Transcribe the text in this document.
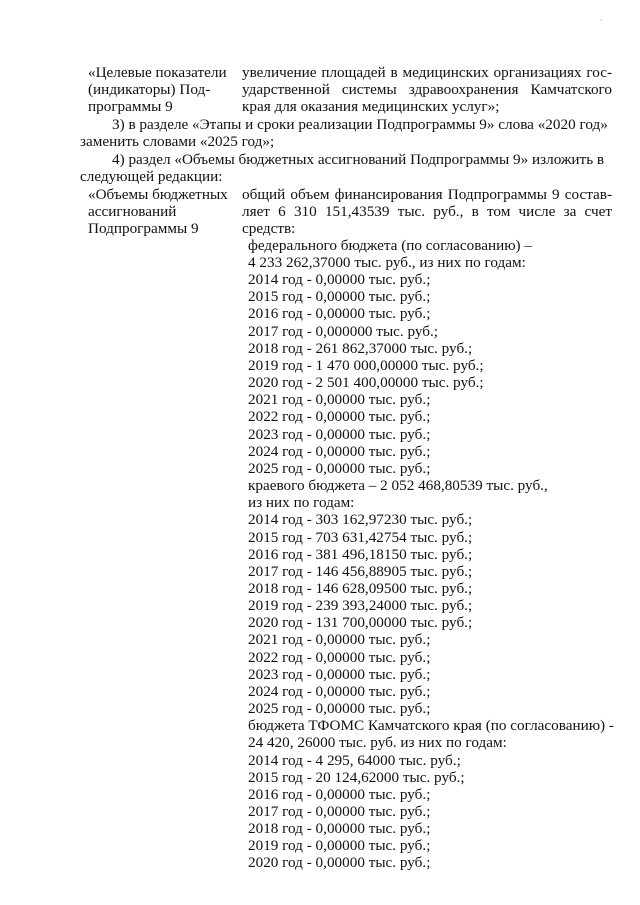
·
«Целевые показатели
(индикаторы) Под-
программы 9
увеличение площадей в медицинских организациях гос-
ударственной системы здравоохранения Камчатского
края для оказания медицинских услуг»;
3) в разделе «Этапы и сроки реализации Подпрограммы 9» слова «2020 год»
заменить словами «2025 год»;
4) раздел «Объемы бюджетных ассигнований Подпрограммы 9» изложить в
следующей редакции:
«Объемы бюджетных
ассигнований
Подпрограммы 9
общий объем финансирования Подпрограммы 9 состав-
ляет 6 310 151,43539 тыс. руб., в том числе за счет
средств:
федерального бюджета (по согласованию) –
4 233 262,37000 тыс. руб., из них по годам:
2014 год - 0,00000 тыс. руб.;
2015 год - 0,00000 тыс. руб.;
2016 год - 0,00000 тыс. руб.;
2017 год - 0,000000 тыс. руб.;
2018 год - 261 862,37000 тыс. руб.;
2019 год - 1 470 000,00000 тыс. руб.;
2020 год - 2 501 400,00000 тыс. руб.;
2021 год - 0,00000 тыс. руб.;
2022 год - 0,00000 тыс. руб.;
2023 год - 0,00000 тыс. руб.;
2024 год - 0,00000 тыс. руб.;
2025 год - 0,00000 тыс. руб.;
краевого бюджета – 2 052 468,80539 тыс. руб.,
из них по годам:
2014 год - 303 162,97230 тыс. руб.;
2015 год - 703 631,42754 тыс. руб.;
2016 год - 381 496,18150 тыс. руб.;
2017 год - 146 456,88905 тыс. руб.;
2018 год - 146 628,09500 тыс. руб.;
2019 год - 239 393,24000 тыс. руб.;
2020 год - 131 700,00000 тыс. руб.;
2021 год - 0,00000 тыс. руб.;
2022 год - 0,00000 тыс. руб.;
2023 год - 0,00000 тыс. руб.;
2024 год - 0,00000 тыс. руб.;
2025 год - 0,00000 тыс. руб.;
бюджета ТФОМС Камчатского края (по согласованию) -
24 420, 26000 тыс. руб. из них по годам:
2014 год - 4 295, 64000 тыс. руб.;
2015 год - 20 124,62000 тыс. руб.;
2016 год - 0,00000 тыс. руб.;
2017 год - 0,00000 тыс. руб.;
2018 год - 0,00000 тыс. руб.;
2019 год - 0,00000 тыс. руб.;
2020 год - 0,00000 тыс. руб.;
